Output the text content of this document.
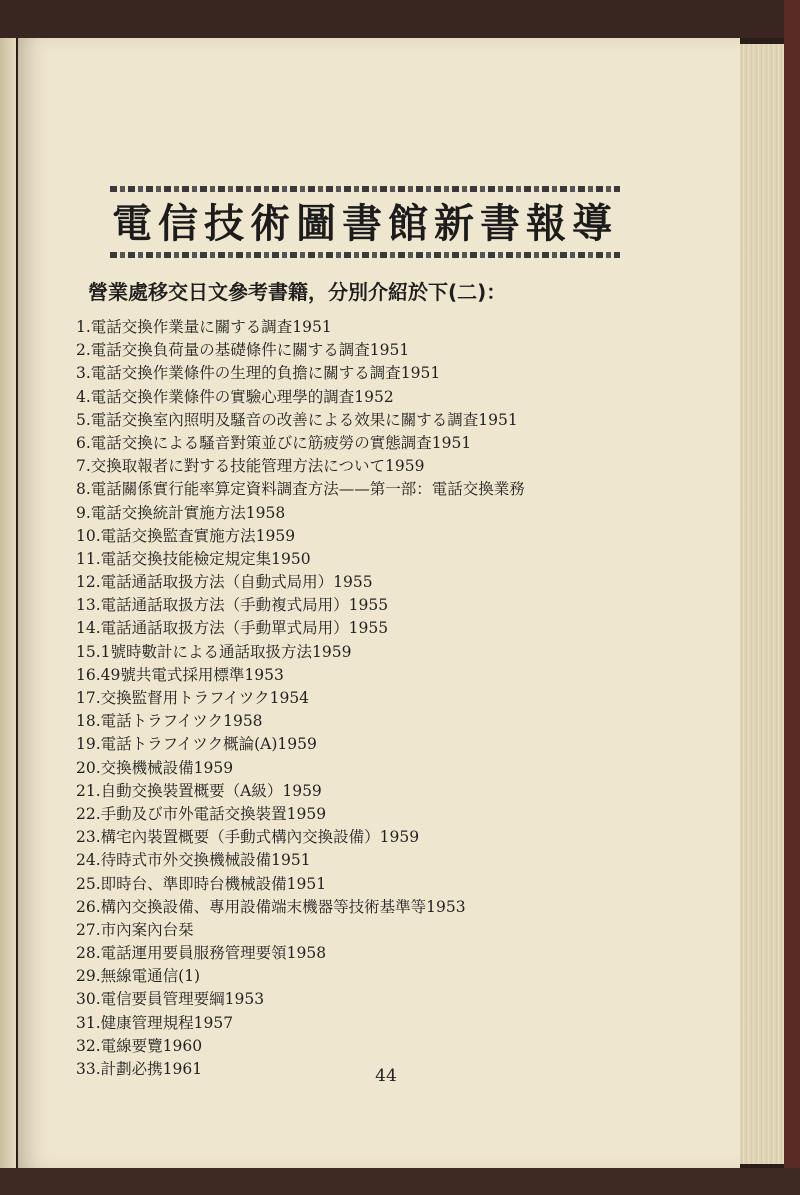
電信技術圖書館新書報導
營業處移交日文參考書籍，分別介紹於下(二)：
1.電話交換作業量に關する調査1951
2.電話交換負荷量の基礎條件に關する調査1951
3.電話交換作業條件の生理的負擔に關する調査1951
4.電話交換作業條件の實驗心理學的調査1952
5.電話交換室內照明及騷音の改善による效果に關する調査1951
6.電話交換による騷音對策並びに筋疲勞の實態調査1951
7.交換取報者に對する技能管理方法について1959
8.電話關係實行能率算定資料調査方法——第一部：電話交換業務
9.電話交換統計實施方法1958
10.電話交換監査實施方法1959
11.電話交換技能檢定規定集1950
12.電話通話取扱方法（自動式局用）1955
13.電話通話取扱方法（手動複式局用）1955
14.電話通話取扱方法（手動單式局用）1955
15.1號時數計による通話取扱方法1959
16.49號共電式採用標準1953
17.交換監督用トラフイツク1954
18.電話トラフイツク1958
19.電話トラフイツク概論(A)1959
20.交換機械設備1959
21.自動交換裝置概要（A級）1959
22.手動及び市外電話交換裝置1959
23.構宅內裝置概要（手動式構內交換設備）1959
24.待時式市外交換機械設備1951
25.即時台、準即時台機械設備1951
26.構內交換設備、專用設備端末機器等技術基準等1953
27.市內案內台栞
28.電話運用要員服務管理要領1958
29.無線電通信(1)
30.電信要員管理要綱1953
31.健康管理規程1957
32.電線要覽1960
33.計劃必携1961	44
